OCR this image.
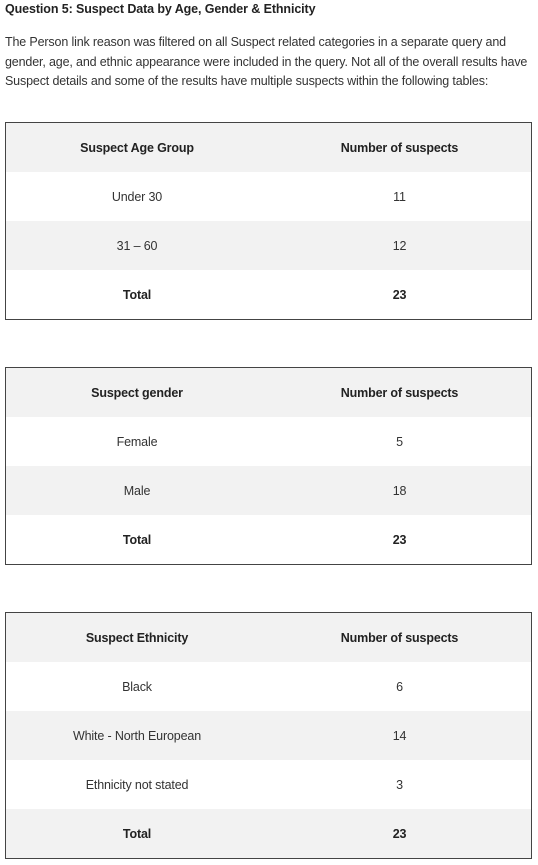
Question 5: Suspect Data by Age, Gender & Ethnicity

The Person link reason was filtered on all Suspect related categories in a separate query and gender, age, and ethnic appearance were included in the query. Not all of the overall results have Suspect details and some of the results have multiple suspects within the following tables:

Suspect Age Group	Number of suspects
Under 30	11
31 – 60	12
Total	23
Suspect gender	Number of suspects
Female	5
Male	18
Total	23
Suspect Ethnicity	Number of suspects
Black	6
White - North European	14
Ethnicity not stated	3
Total	23
